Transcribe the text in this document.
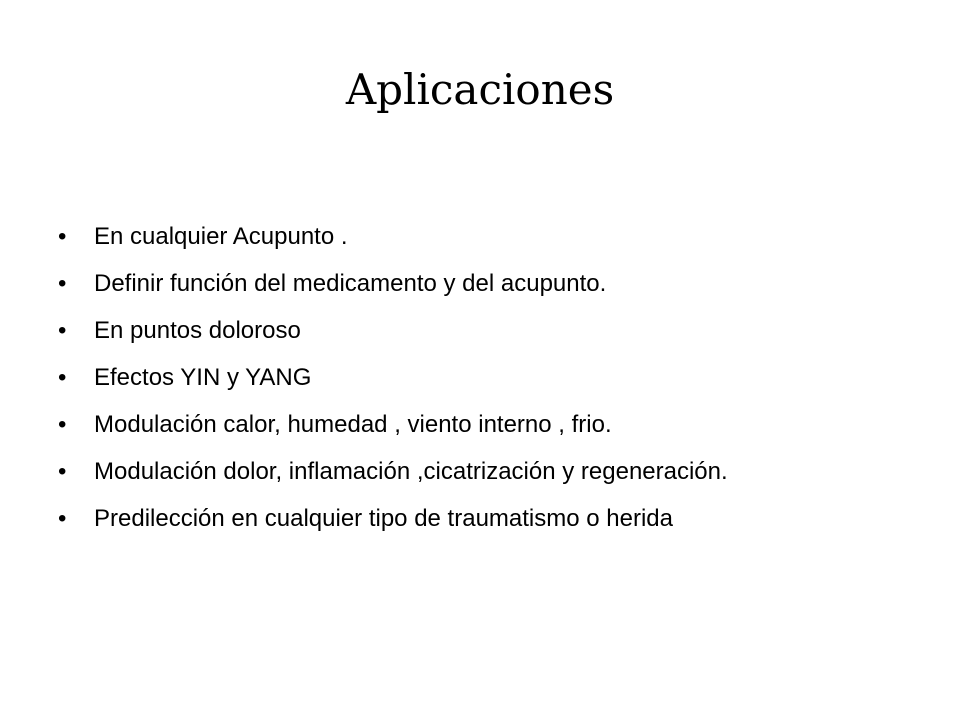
Aplicaciones
• En cualquier Acupunto .
• Definir función del medicamento y del acupunto.
• En puntos doloroso
• Efectos YIN y YANG
• Modulación calor, humedad , viento interno , frio.
• Modulación dolor, inflamación ,cicatrización y regeneración.
• Predilección en cualquier tipo de traumatismo o herida
